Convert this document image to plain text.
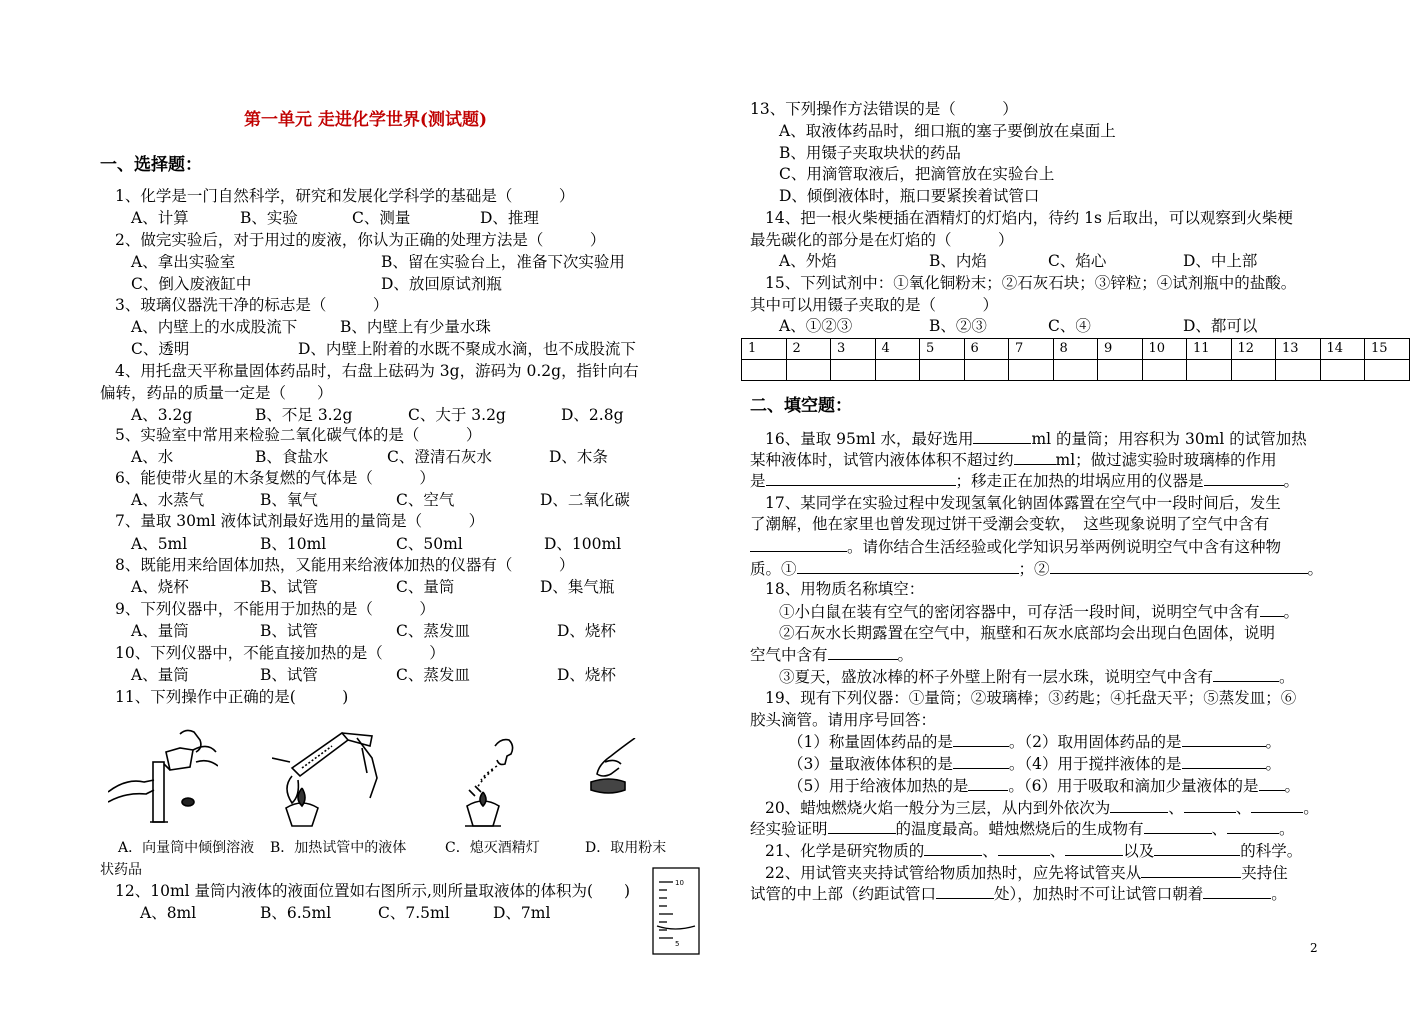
第一单元 走进化学世界(测试题)
一、选择题：
1、化学是一门自然科学，研究和发展化学科学的基础是（　　　）
A、计算	B、实验	C、测量	D、推理
2、做完实验后，对于用过的废液，你认为正确的处理方法是（　　　）
A、拿出实验室	B、留在实验台上，准备下次实验用
C、倒入废液缸中	D、放回原试剂瓶
3、玻璃仪器洗干净的标志是（　　　）
A、内壁上的水成股流下	B、内壁上有少量水珠
C、透明	D、内壁上附着的水既不聚成水滴，也不成股流下
4、用托盘天平称量固体药品时，右盘上砝码为 3g，游码为 0.2g，指针向右
偏转，药品的质量一定是（　　）
A、3.2g	B、不足 3.2g	C、大于 3.2g	D、2.8g
5、实验室中常用来检验二氧化碳气体的是（　　　）
A、水	B、食盐水	C、澄清石灰水	D、木条
6、能使带火星的木条复燃的气体是（　　　）
A、水蒸气	B、氧气	C、空气	D、二氧化碳
7、量取 30ml 液体试剂最好选用的量筒是（　　　）
A、5ml	B、10ml	C、50ml	D、100ml
8、既能用来给固体加热，又能用来给液体加热的仪器有（　　　）
A、烧杯	B、试管	C、量筒	D、集气瓶
9、下列仪器中，不能用于加热的是（　　　）
A、量筒	B、试管	C、蒸发皿	D、烧杯
10、下列仪器中，不能直接加热的是（　　　）
A、量筒	B、试管	C、蒸发皿	D、烧杯
11、下列操作中正确的是(　　　)
A．向量筒中倾倒溶液 B．加热试管中的液体	C．熄灭酒精灯	D．取用粉末
状药品
12、10ml 量筒内液体的液面位置如右图所示,则所量取液体的体积为(　　)
A、8ml	B、6.5ml	C、7.5ml	D、7ml
10
5
13、下列操作方法错误的是（　　　）
A、取液体药品时，细口瓶的塞子要倒放在桌面上
B、用镊子夹取块状的药品
C、用滴管取液后，把滴管放在实验台上
D、倾倒液体时，瓶口要紧挨着试管口
14、把一根火柴梗插在酒精灯的灯焰内，待约 1s 后取出，可以观察到火柴梗
最先碳化的部分是在灯焰的（　　　）
A、外焰	B、内焰	C、焰心	D、中上部
15、下列试剂中：①氧化铜粉末；②石灰石块；③锌粒；④试剂瓶中的盐酸。
其中可以用镊子夹取的是（　　　）
A、①②③	B、②③	C、④	D、都可以
1	2	3	4	5	6	7	8	9	10	11	12	13	14	15

二、填空题：
16、量取 95ml 水，最好选用	ml 的量筒；用容积为 30ml 的试管加热
某种液体时，试管内液体体积不超过约	ml；做过滤实验时玻璃棒的作用
是	；移走正在加热的坩埚应用的仪器是	。
17、某同学在实验过程中发现氢氧化钠固体露置在空气中一段时间后，发生
了潮解，他在家里也曾发现过饼干受潮会变软，　这些现象说明了空气中含有
。请你结合生活经验或化学知识另举两例说明空气中含有这种物
质。①	；②	。
18、用物质名称填空：
①小白鼠在装有空气的密闭容器中，可存活一段时间，说明空气中含有 。
②石灰水长期露置在空气中，瓶壁和石灰水底部均会出现白色固体，说明
空气中含有	。
③夏天，盛放冰棒的杯子外壁上附有一层水珠，说明空气中含有	。
19、现有下列仪器：①量筒；②玻璃棒；③药匙；④托盘天平；⑤蒸发皿；⑥
胶头滴管。请用序号回答：
（1）称量固体药品的是	。（2）取用固体药品的是	。
（3）量取液体体积的是	。（4）用于搅拌液体的是	。
（5）用于给液体加热的是	。（6）用于吸取和滴加少量液体的是 。
20、蜡烛燃烧火焰一般分为三层，从内到外依次为	、	、	。
经实验证明	的温度最高。蜡烛燃烧后的生成物有	、	。
21、化学是研究物质的	、	、	以及	的科学。
22、用试管夹夹持试管给物质加热时，应先将试管夹从	夹持住
试管的中上部（约距试管口	处），加热时不可让试管口朝着	。
2
